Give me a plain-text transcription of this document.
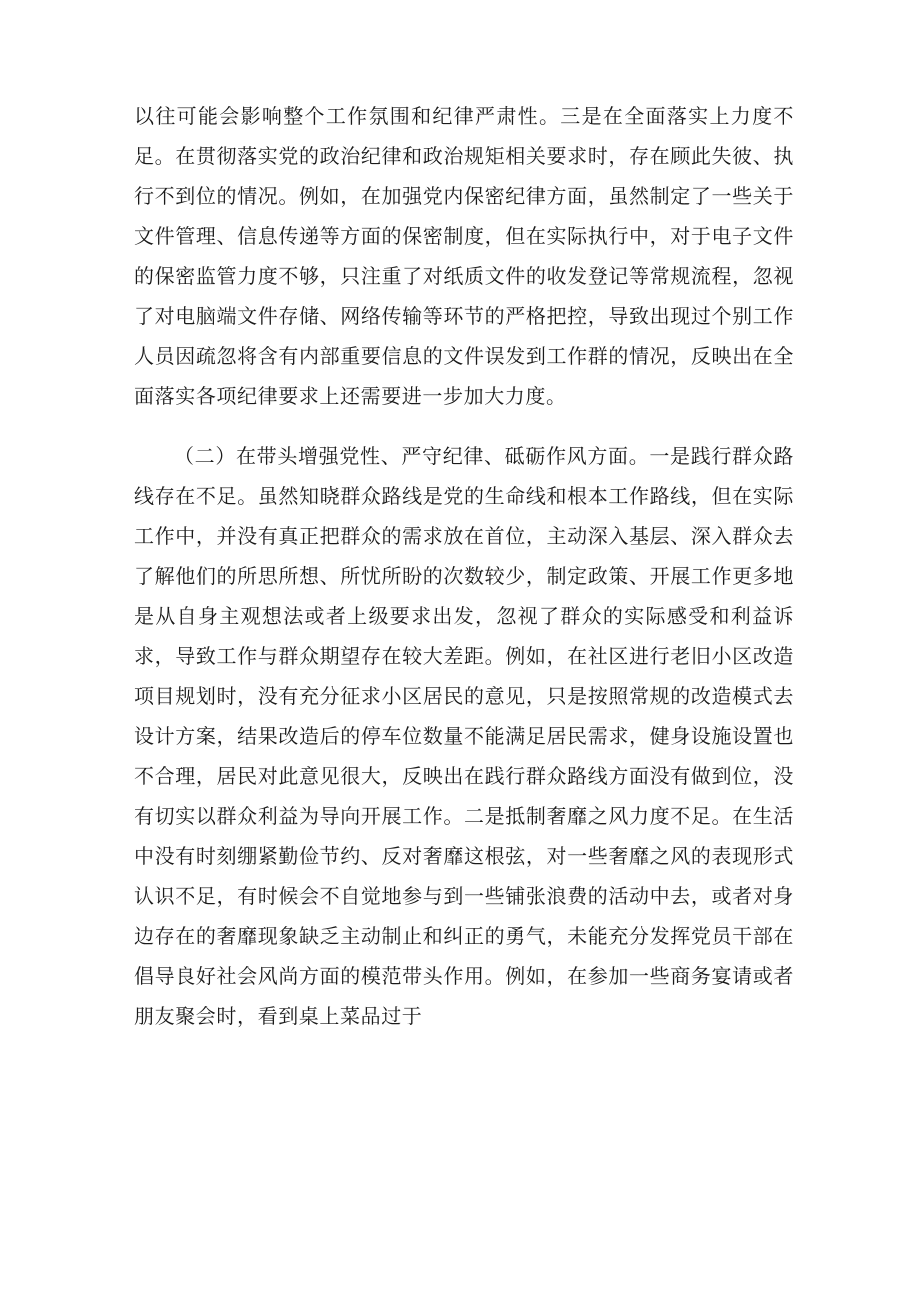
以往可能会影响整个工作氛围和纪律严肃性。三是在全面落实上力度不足。在贯彻落实党的政治纪律和政治规矩相关要求时，存在顾此失彼、执行不到位的情况。例如，在加强党内保密纪律方面，虽然制定了一些关于文件管理、信息传递等方面的保密制度，但在实际执行中，对于电子文件的保密监管力度不够，只注重了对纸质文件的收发登记等常规流程，忽视了对电脑端文件存储、网络传输等环节的严格把控，导致出现过个别工作人员因疏忽将含有内部重要信息的文件误发到工作群的情况，反映出在全面落实各项纪律要求上还需要进一步加大力度。

（二）在带头增强党性、严守纪律、砥砺作风方面。一是践行群众路线存在不足。虽然知晓群众路线是党的生命线和根本工作路线，但在实际工作中，并没有真正把群众的需求放在首位，主动深入基层、深入群众去了解他们的所思所想、所忧所盼的次数较少，制定政策、开展工作更多地是从自身主观想法或者上级要求出发，忽视了群众的实际感受和利益诉求，导致工作与群众期望存在较大差距。例如，在社区进行老旧小区改造项目规划时，没有充分征求小区居民的意见，只是按照常规的改造模式去设计方案，结果改造后的停车位数量不能满足居民需求，健身设施设置也不合理，居民对此意见很大，反映出在践行群众路线方面没有做到位，没有切实以群众利益为导向开展工作。二是抵制奢靡之风力度不足。在生活中没有时刻绷紧勤俭节约、反对奢靡这根弦，对一些奢靡之风的表现形式认识不足，有时候会不自觉地参与到一些铺张浪费的活动中去，或者对身边存在的奢靡现象缺乏主动制止和纠正的勇气，未能充分发挥党员干部在倡导良好社会风尚方面的模范带头作用。例如，在参加一些商务宴请或者朋友聚会时，看到桌上菜品过于
